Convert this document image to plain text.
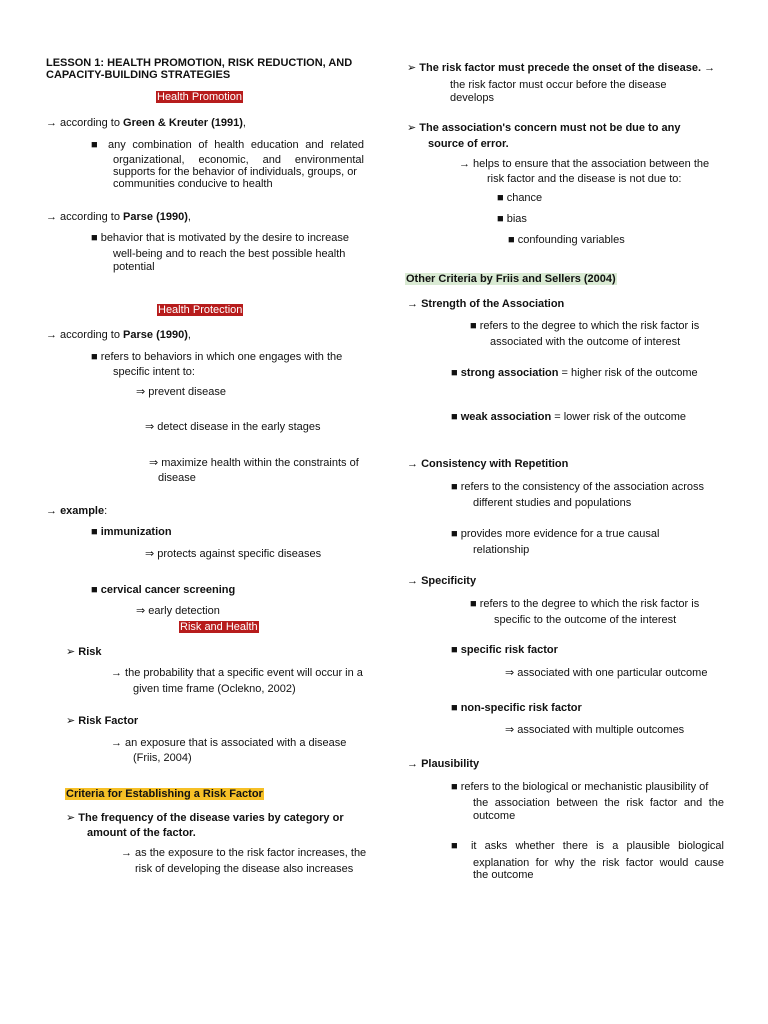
LESSON 1: HEALTH PROMOTION, RISK REDUCTION, AND
CAPACITY-BUILDING STRATEGIES
Health Promotion
→ according to Green & Kreuter (1991),
■ any combination of health education and related
organizational, economic, and environmental
supports for the behavior of individuals, groups, or
communities conducive to health
→ according to Parse (1990),
■ behavior that is motivated by the desire to increase
well-being and to reach the best possible health
potential
Health Protection
→ according to Parse (1990),
■ refers to behaviors in which one engages with the
specific intent to:
⇒ prevent disease
⇒ detect disease in the early stages
⇒ maximize health within the constraints of
disease
→ example:
■ immunization
⇒ protects against specific diseases
■ cervical cancer screening
⇒ early detection
Risk and Health
➢ Risk
→ the probability that a specific event will occur in a
given time frame (Oclekno, 2002)
➢ Risk Factor
→ an exposure that is associated with a disease
(Friis, 2004)
Criteria for Establishing a Risk Factor
➢ The frequency of the disease varies by category or
amount of the factor.
→ as the exposure to the risk factor increases, the
risk of developing the disease also increases
➢ The risk factor must precede the onset of the disease. →
the risk factor must occur before the disease
develops
➢ The association's concern must not be due to any
source of error.
→ helps to ensure that the association between the
risk factor and the disease is not due to:
■ chance
■ bias
■ confounding variables
Other Criteria by Friis and Sellers (2004)
→ Strength of the Association
■ refers to the degree to which the risk factor is
associated with the outcome of interest
■ strong association = higher risk of the outcome
■ weak association = lower risk of the outcome
→ Consistency with Repetition
■ refers to the consistency of the association across
different studies and populations
■ provides more evidence for a true causal
relationship
→ Specificity
■ refers to the degree to which the risk factor is
specific to the outcome of the interest
■ specific risk factor
⇒ associated with one particular outcome
■ non-specific risk factor
⇒ associated with multiple outcomes
→ Plausibility
■ refers to the biological or mechanistic plausibility of
the association between the risk factor and the
outcome
■ it asks whether there is a plausible biological
explanation for why the risk factor would cause
the outcome
